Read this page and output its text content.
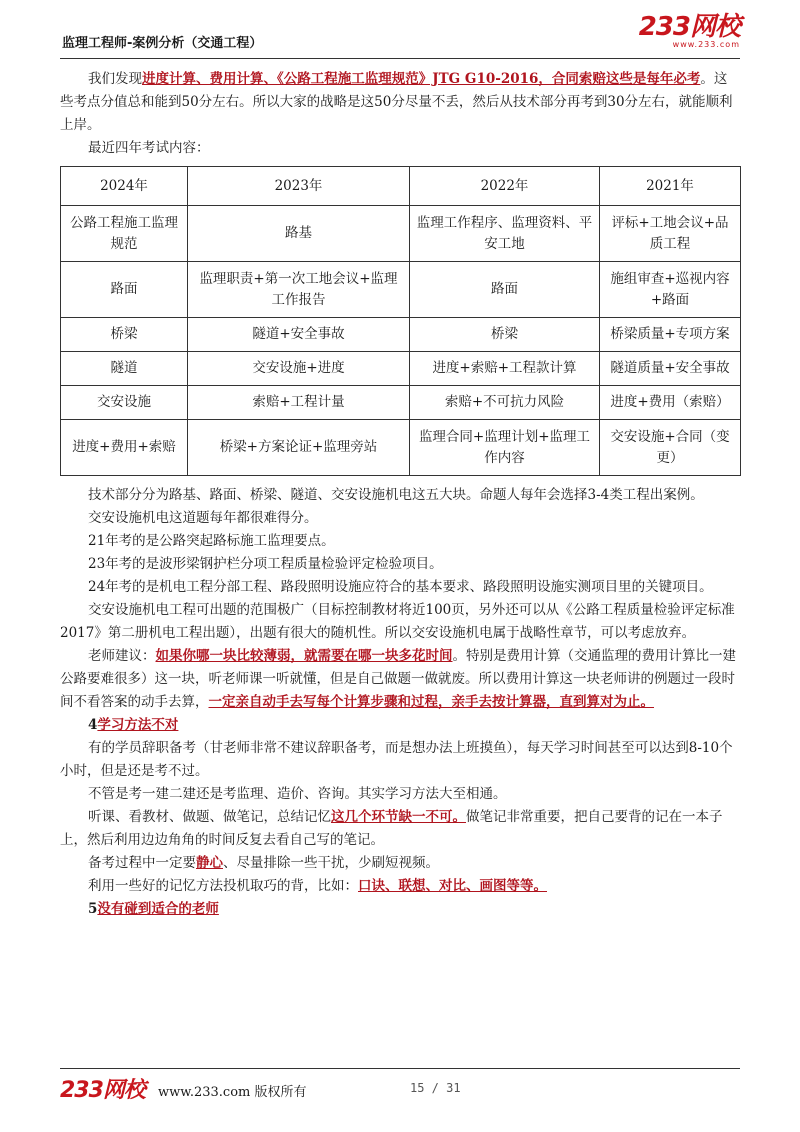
监理工程师-案例分析（交通工程）
233网校
www.233.com

我们发现进度计算、费用计算、《公路工程施工监理规范》JTG G10-2016，合同索赔这些是每年必考。这些考点分值总和能到50分左右。所以大家的战略是这50分尽量不丢，然后从技术部分再考到30分左右，就能顺利上岸。

最近四年考试内容：

2024年	2023年	2022年	2021年
公路工程施工监理规范	路基	监理工作程序、监理资料、平安工地	评标+工地会议+品质工程
路面	监理职责+第一次工地会议+监理工作报告	路面	施组审查+巡视内容+路面
桥梁	隧道+安全事故	桥梁	桥梁质量+专项方案
隧道	交安设施+进度	进度+索赔+工程款计算	隧道质量+安全事故
交安设施	索赔+工程计量	索赔+不可抗力风险	进度+费用（索赔）
进度+费用+索赔	桥梁+方案论证+监理旁站	监理合同+监理计划+监理工作内容	交安设施+合同（变更）

技术部分分为路基、路面、桥梁、隧道、交安设施机电这五大块。命题人每年会选择3-4类工程出案例。

交安设施机电这道题每年都很难得分。

21年考的是公路突起路标施工监理要点。

23年考的是波形梁钢护栏分项工程质量检验评定检验项目。

24年考的是机电工程分部工程、路段照明设施应符合的基本要求、路段照明设施实测项目里的关键项目。

交安设施机电工程可出题的范围极广（目标控制教材将近100页，另外还可以从《公路工程质量检验评定标准2017》第二册机电工程出题），出题有很大的随机性。所以交安设施机电属于战略性章节，可以考虑放弃。

老师建议：如果你哪一块比较薄弱，就需要在哪一块多花时间。特别是费用计算（交通监理的费用计算比一建公路要难很多）这一块，听老师课一听就懂，但是自己做题一做就废。所以费用计算这一块老师讲的例题过一段时间不看答案的动手去算，一定亲自动手去写每个计算步骤和过程，亲手去按计算器，直到算对为止。

4学习方法不对

有的学员辞职备考（甘老师非常不建议辞职备考，而是想办法上班摸鱼），每天学习时间甚至可以达到8-10个小时，但是还是考不过。

不管是考一建二建还是考监理、造价、咨询。其实学习方法大至相通。

听课、看教材、做题、做笔记，总结记忆这几个环节缺一不可。做笔记非常重要，把自己要背的记在一本子上，然后利用边边角角的时间反复去看自己写的笔记。

备考过程中一定要静心、尽量排除一些干扰，少刷短视频。

利用一些好的记忆方法投机取巧的背，比如：口诀、联想、对比、画图等等。

5没有碰到适合的老师

233网校 www.233.com 版权所有	15 / 31
